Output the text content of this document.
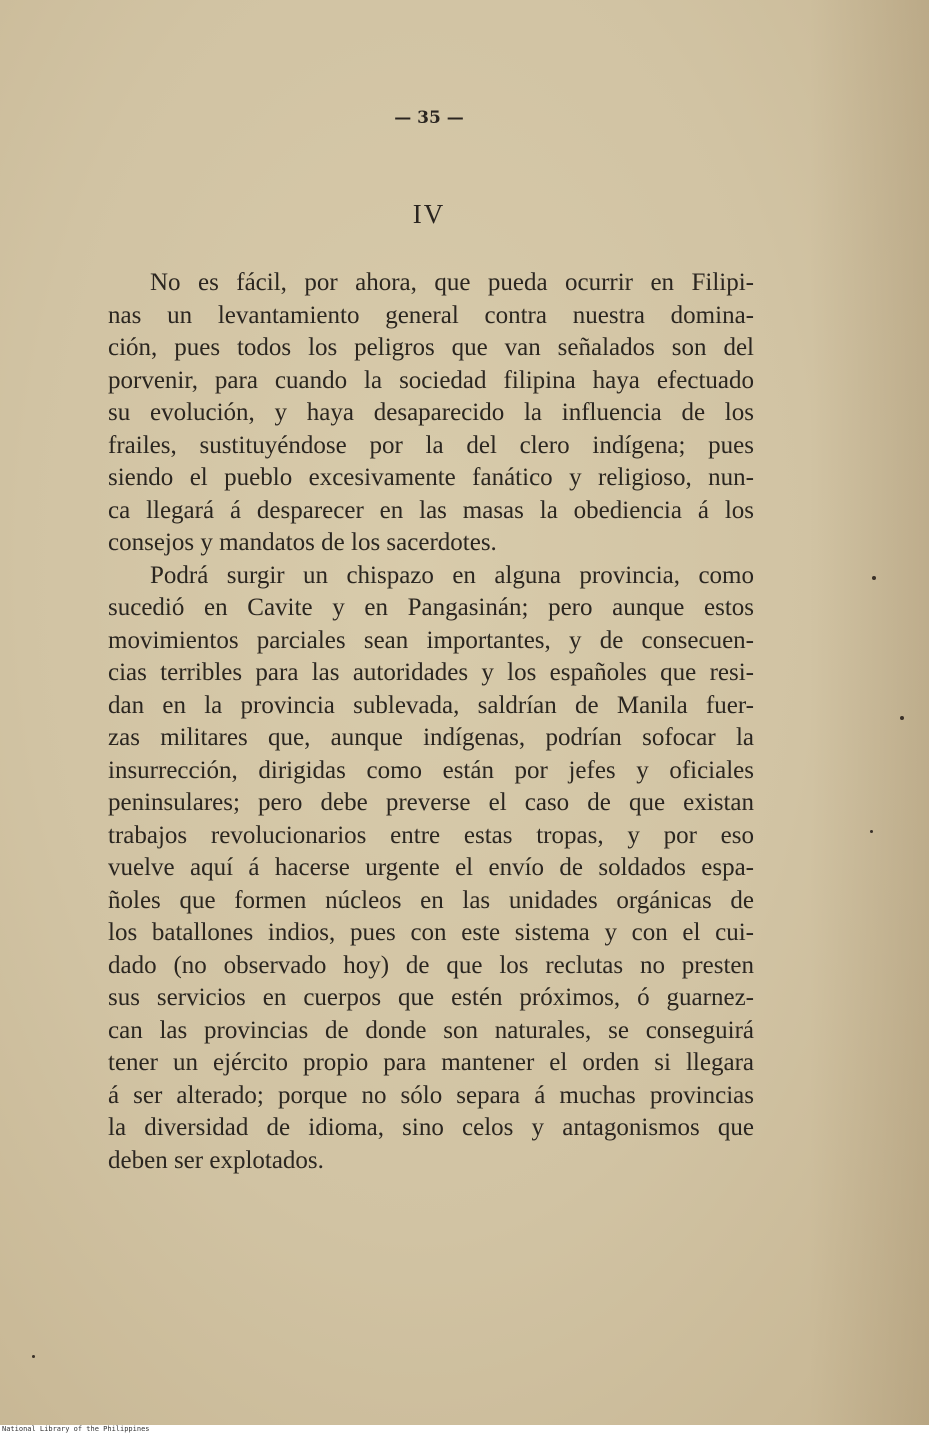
— 35 —
IV
No es fácil, por ahora, que pueda ocurrir en Filipi-
nas un levantamiento general contra nuestra domina-
ción, pues todos los peligros que van señalados son del
porvenir, para cuando la sociedad filipina haya efectuado
su evolución, y haya desaparecido la influencia de los
frailes, sustituyéndose por la del clero indígena; pues
siendo el pueblo excesivamente fanático y religioso, nun-
ca llegará á desparecer en las masas la obediencia á los
consejos y mandatos de los sacerdotes.
Podrá surgir un chispazo en alguna provincia, como
sucedió en Cavite y en Pangasinán; pero aunque estos
movimientos parciales sean importantes, y de consecuen-
cias terribles para las autoridades y los españoles que resi-
dan en la provincia sublevada, saldrían de Manila fuer-
zas militares que, aunque indígenas, podrían sofocar la
insurrección, dirigidas como están por jefes y oficiales
peninsulares; pero debe preverse el caso de que existan
trabajos revolucionarios entre estas tropas, y por eso
vuelve aquí á hacerse urgente el envío de soldados espa-
ñoles que formen núcleos en las unidades orgánicas de
los batallones indios, pues con este sistema y con el cui-
dado (no observado hoy) de que los reclutas no presten
sus servicios en cuerpos que estén próximos, ó guarnez-
can las provincias de donde son naturales, se conseguirá
tener un ejército propio para mantener el orden si llegara
á ser alterado; porque no sólo separa á muchas provincias
la diversidad de idioma, sino celos y antagonismos que
deben ser explotados.
National Library of the Philippines
